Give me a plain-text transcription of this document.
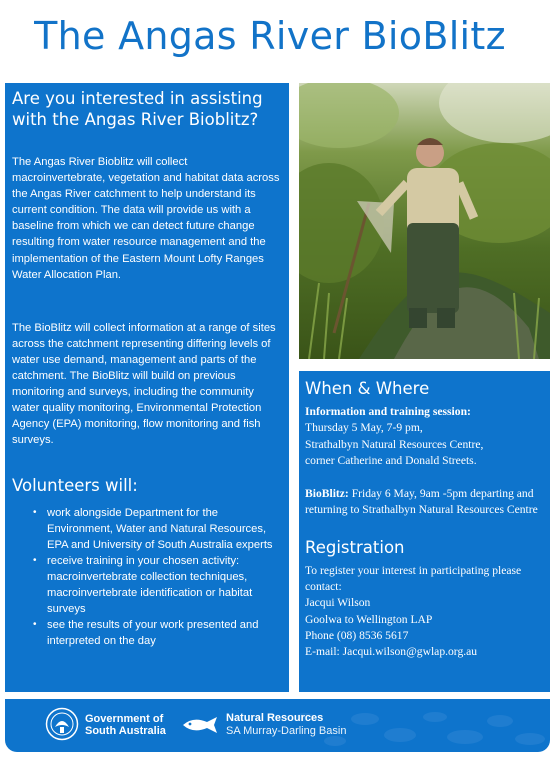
The Angas River BioBlitz
Are you interested in assisting with the Angas River Bioblitz?

The Angas River Bioblitz will collect macroinvertebrate, vegetation and habitat data across the Angas River catchment to help understand its current condition. The data will provide us with a baseline from which we can detect future change resulting from water resource management and the implementation of the Eastern Mount Lofty Ranges Water Allocation Plan.

The BioBlitz will collect information at a range of sites across the catchment representing differing levels of water use demand, management and parts of the catchment. The BioBlitz will build on previous monitoring and surveys, including the community water quality monitoring, Environmental Protection Agency (EPA) monitoring, flow monitoring and fish surveys.

Volunteers will:
• work alongside Department for the Environment, Water and Natural Resources, EPA and University of South Australia experts
• receive training in your chosen activity: macroinvertebrate collection techniques, macroinvertebrate identification or habitat surveys
• see the results of your work presented and interpreted on the day
When & Where
Information and training session:
Thursday 5 May, 7-9 pm,
Strathalbyn Natural Resources Centre,
corner Catherine and Donald Streets.
BioBlitz: Friday 6 May, 9am -5pm departing and returning to Strathalbyn Natural Resources Centre
Registration
To register your interest in participating please contact:
Jacqui Wilson
Goolwa to Wellington LAP
Phone (08) 8536 5617
E-mail: Jacqui.wilson@gwlap.org.au
Government of
South Australia
Natural Resources
SA Murray-Darling Basin
